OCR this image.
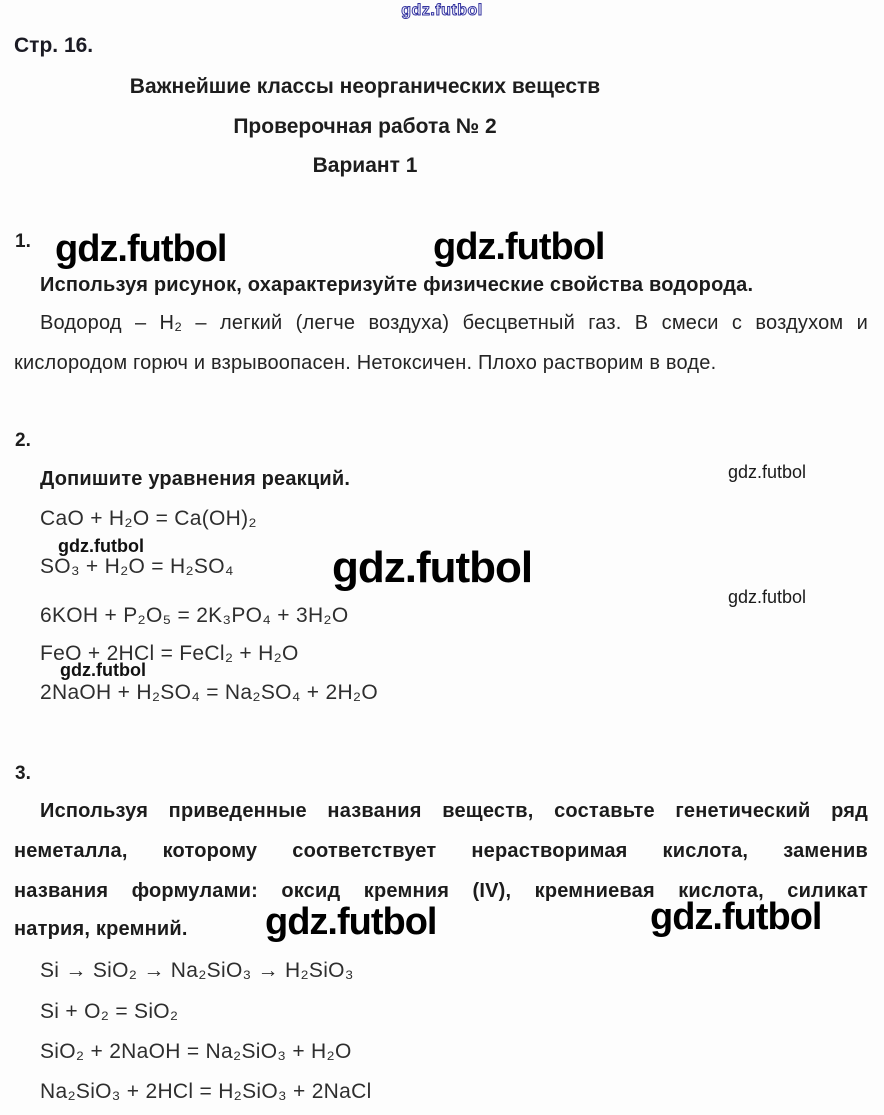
gdz.futbol
Стр. 16.
Важнейшие классы неорганических веществ
Проверочная работа № 2
Вариант 1
1. gdz.futbol	gdz.futbol
Используя рисунок, охарактеризуйте физические свойства водорода.
Водород – H₂ – легкий (легче воздуха) бесцветный газ. В смеси с воздухом и
кислородом горюч и взрывоопасен. Нетоксичен. Плохо растворим в воде.
2.
Допишите уравнения реакций.	gdz.futbol
CaO + H₂O = Ca(OH)₂
gdz.futbol
SO₃ + H₂O = H₂SO₄ gdz.futbol
gdz.futbol
6KOH + P₂O₅ = 2K₃PO₄ + 3H₂O
FeO + 2HCl = FeCl₂ + H₂O
gdz.futbol
2NaOH + H₂SO₄ = Na₂SO₄ + 2H₂O
3.
Используя приведенные названия веществ, составьте генетический ряд
неметалла, которому соответствует нерастворимая кислота, заменив
названия формулами: оксид кремния (IV), кремниевая кислота, силикат
натрия, кремний. gdz.futbol	gdz.futbol
Si → SiO₂ → Na₂SiO₃ → H₂SiO₃
Si + O₂ = SiO₂
SiO₂ + 2NaOH = Na₂SiO₃ + H₂O
Na₂SiO₃ + 2HCl = H₂SiO₃ + 2NaCl
